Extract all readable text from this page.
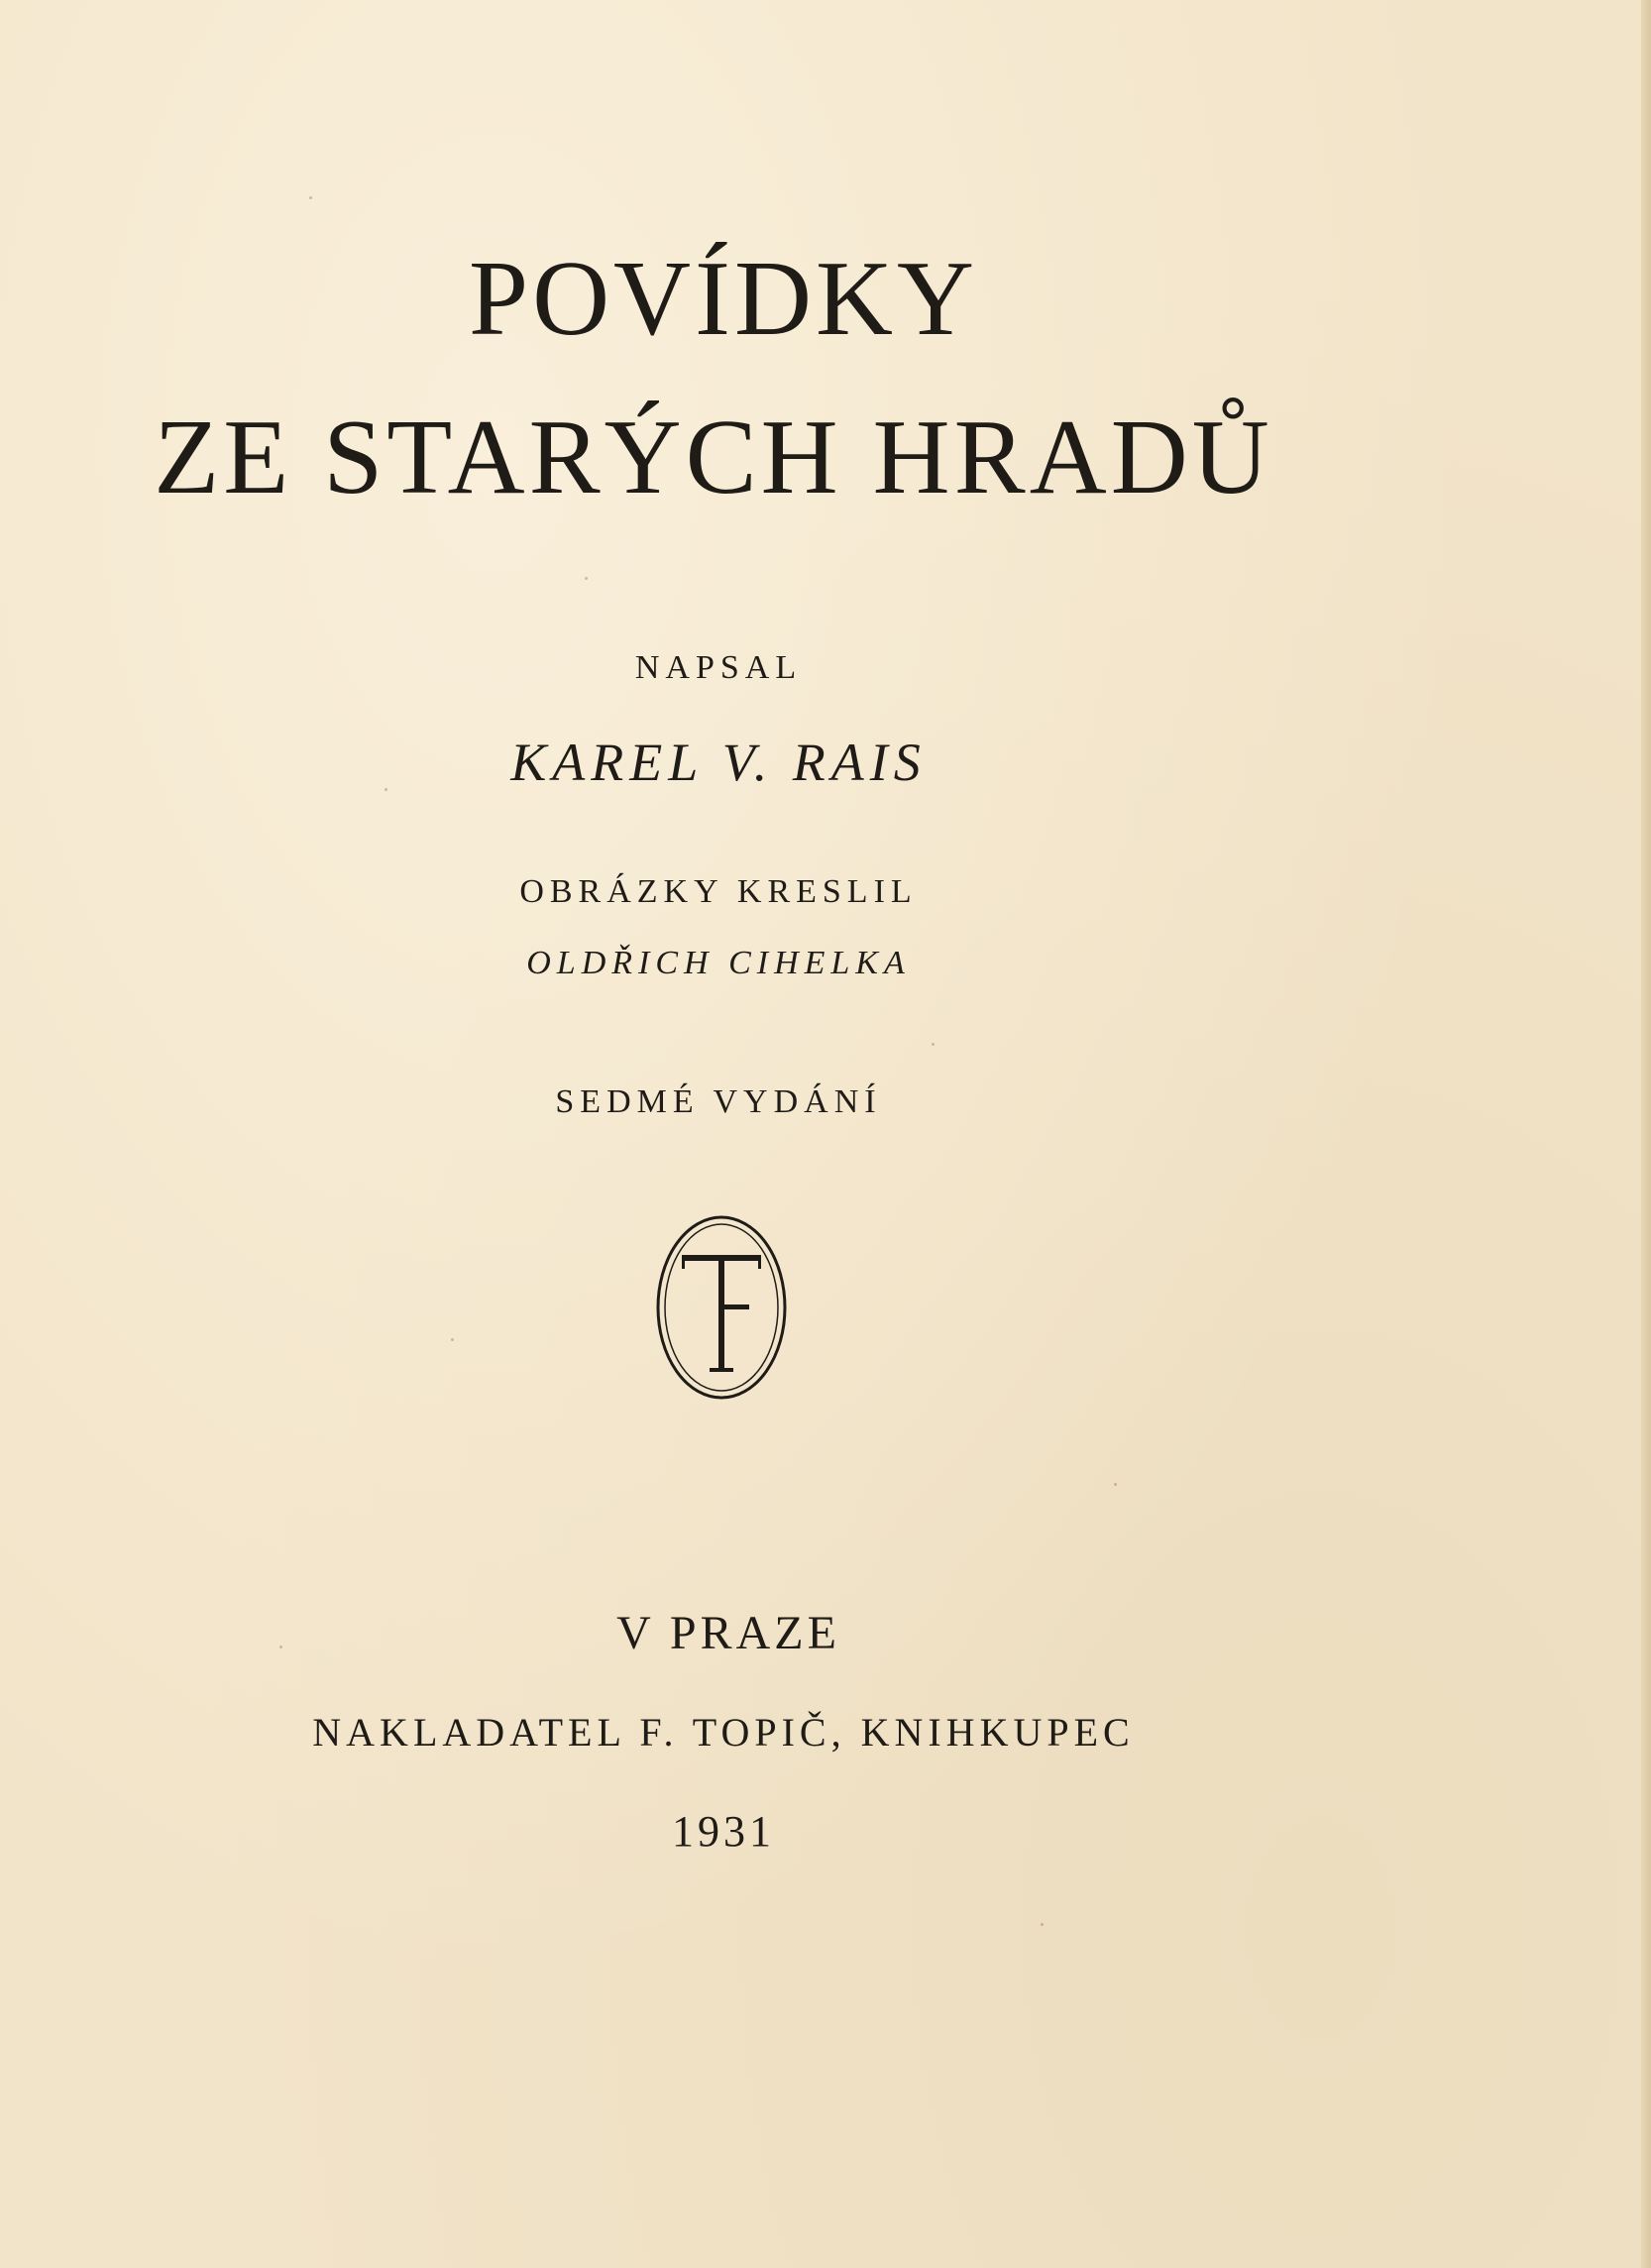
POVÍDKY
ZE STARÝCH HRADŮ
NAPSAL
KAREL V. RAIS
OBRÁZKY KRESLIL
OLDŘICH CIHELKA
SEDMÉ VYDÁNÍ
V PRAZE
NAKLADATEL F. TOPIČ, KNIHKUPEC
1931
